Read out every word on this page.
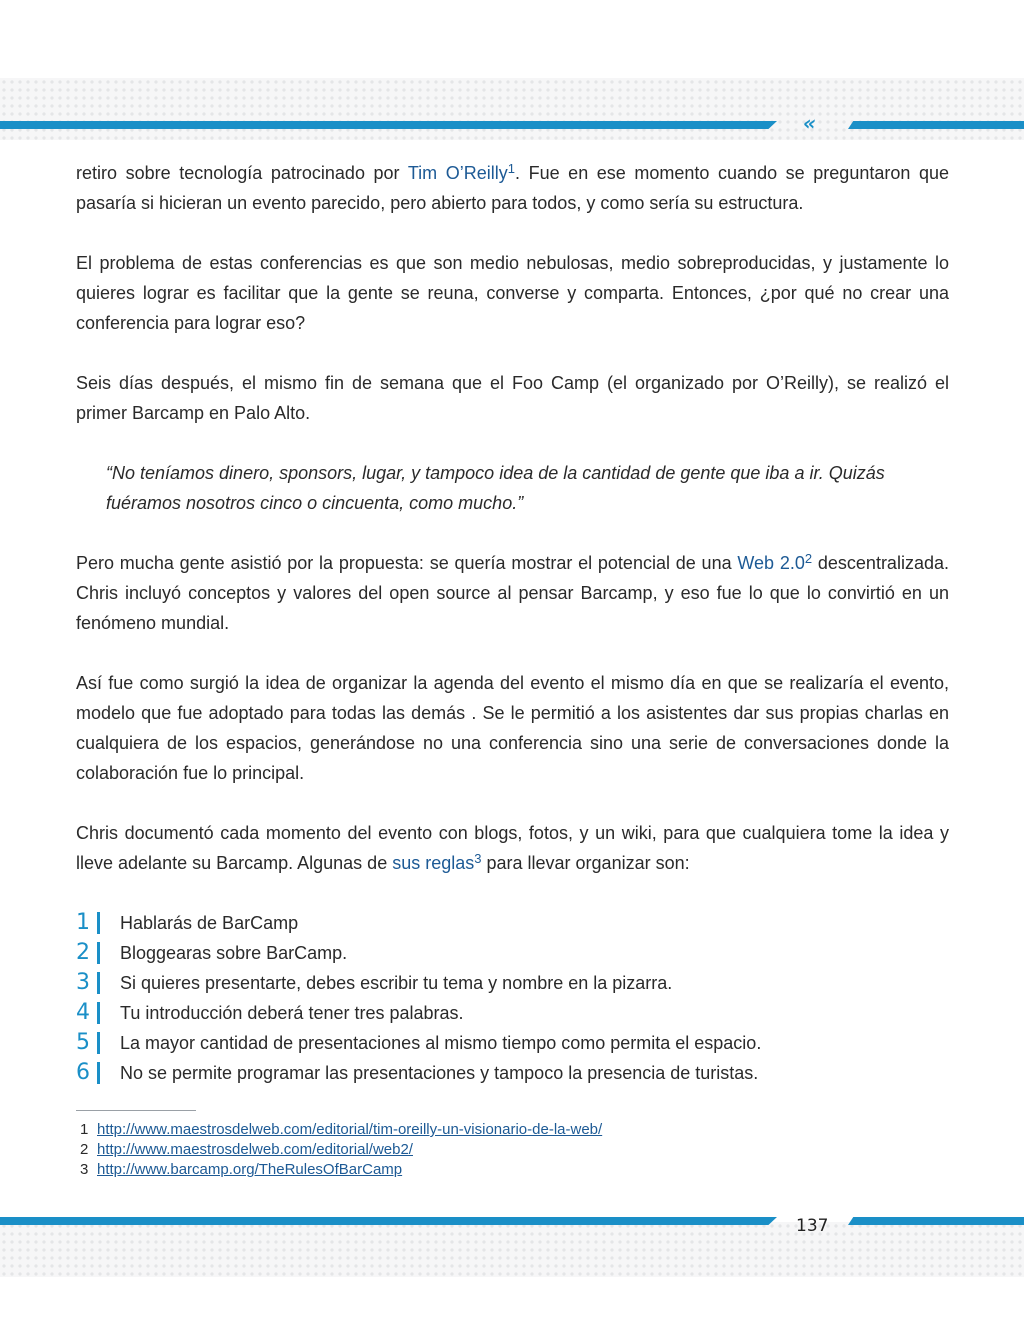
«

retiro sobre tecnología patrocinado por Tim O’Reilly$^1$. Fue en ese momento cuando se preguntaron que pasaría si hicieran un evento parecido, pero abierto para todos, y como sería su estructura.

El problema de estas conferencias es que son medio nebulosas, medio sobreproducidas, y justamente lo quieres lograr es facilitar que la gente se reuna, converse y comparta. Entonces, ¿por qué no crear una conferencia para lograr eso?

Seis días después, el mismo fin de semana que el Foo Camp (el organizado por O’Reilly), se realizó el primer Barcamp en Palo Alto.

“No teníamos dinero, sponsors, lugar, y tampoco idea de la cantidad de gente que iba a ir. Quizás fuéramos nosotros cinco o cincuenta, como mucho.”

Pero mucha gente asistió por la propuesta: se quería mostrar el potencial de una Web $2.0^2$ descentralizada. Chris incluyó conceptos y valores del open source al pensar Barcamp, y eso fue lo que lo convirtió en un fenómeno mundial.

Así fue como surgió la idea de organizar la agenda del evento el mismo día en que se realizaría el evento, modelo que fue adoptado para todas las demás . Se le permitió a los asistentes dar sus propias charlas en cualquiera de los espacios, generándose no una conferencia sino una serie de conversaciones donde la colaboración fue lo principal.

Chris documentó cada momento del evento con blogs, fotos, y un wiki, para que cualquiera tome la idea y lleve adelante su Barcamp. Algunas de sus reglas$^3$ para llevar organizar son:

1 Hablarás de BarCamp
2 Bloggearas sobre BarCamp.
3 Si quieres presentarte, debes escribir tu tema y nombre en la pizarra.
4 Tu introducción deberá tener tres palabras.
5 La mayor cantidad de presentaciones al mismo tiempo como permita el espacio.
6 No se permite programar las presentaciones y tampoco la presencia de turistas.
1 http://www.maestrosdelweb.com/editorial/tim-oreilly-un-visionario-de-la-web/
2 http://www.maestrosdelweb.com/editorial/web2/
3 http://www.barcamp.org/TheRulesOfBarCamp
137
